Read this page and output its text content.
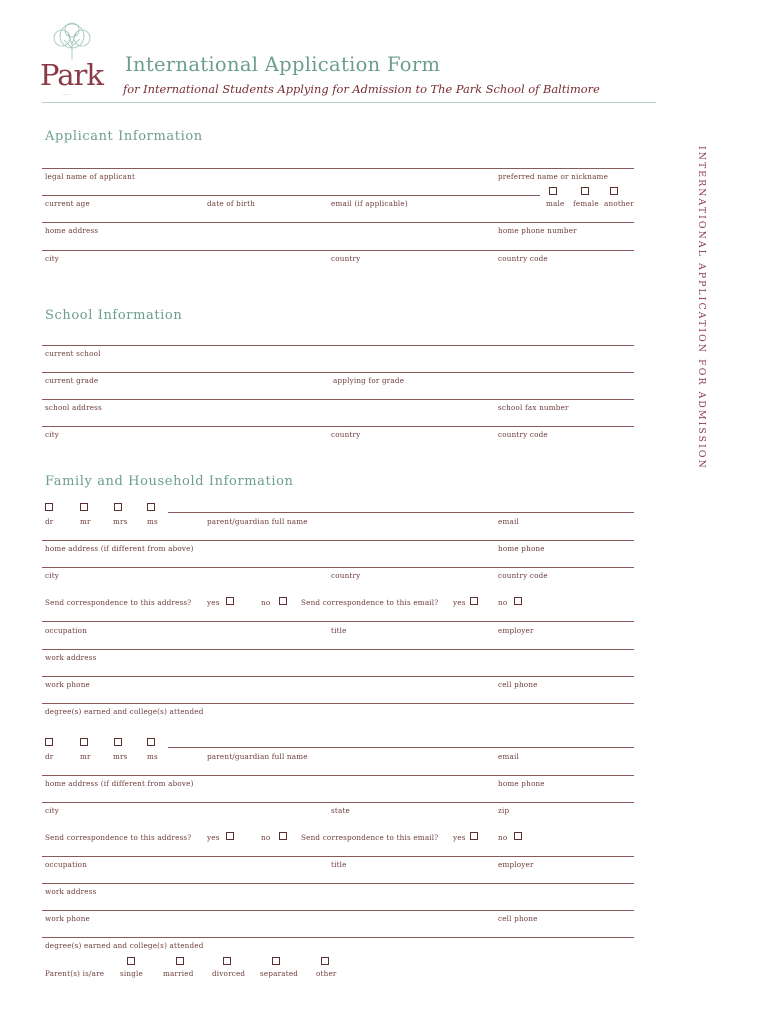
Park
·····
International Application Form
for International Students Applying for Admission to The Park School of Baltimore
INTERNATIONAL APPLICATION FOR ADMISSION
Applicant Information
legal name of applicant	preferred name or nickname
current age	date of birth	email (if applicable)	male female another
home address	home phone number
city	country	country code
School Information
current school
current grade	applying for grade
school address	school fax number
city	country	country code
Family and Household Information
dr	mr	mrs	ms	parent/guardian full name	email
home address (if different from above)	home phone
city	country	country code
Send correspondence to this address? yes	no	Send correspondence to this email? yes	no
occupation	title	employer
work address
work phone	cell phone
degree(s) earned and college(s) attended
dr	mr	mrs	ms	parent/guardian full name	email
home address (if different from above)	home phone
city	state	zip
Send correspondence to this address? yes	no	Send correspondence to this email? yes	no
occupation	title	employer
work address
work phone	cell phone
degree(s) earned and college(s) attended
Parent(s) is/are single	married	divorced separated other
